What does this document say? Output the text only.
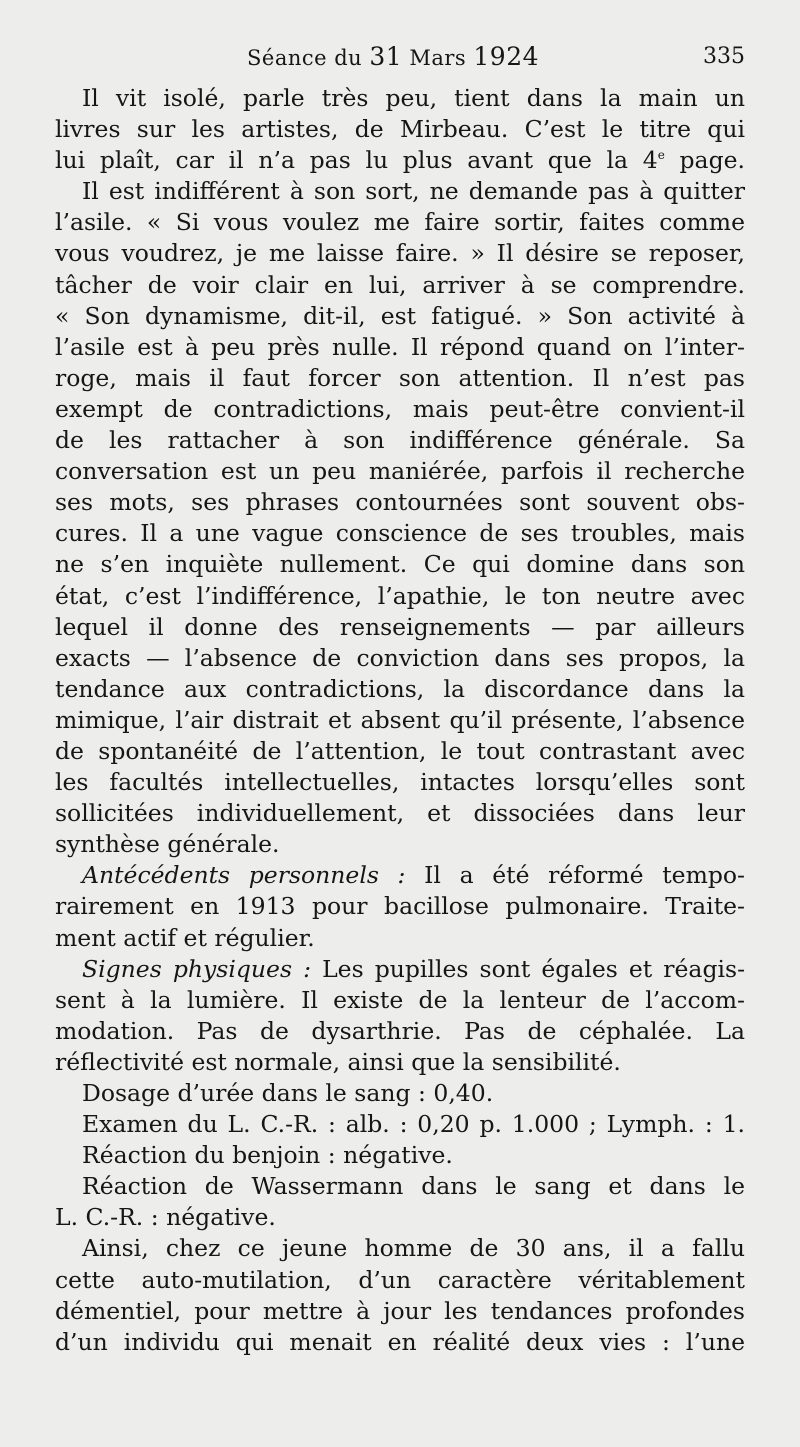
Séance du 31 Mars 1924	335
Il vit isolé, parle très peu, tient dans la main un
livres sur les artistes, de Mirbeau. C’est le titre qui
lui plaît, car il n’a pas lu plus avant que la 4e page.
Il est indifférent à son sort, ne demande pas à quitter
l’asile. « Si vous voulez me faire sortir, faites comme
vous voudrez, je me laisse faire. » Il désire se reposer,
tâcher de voir clair en lui, arriver à se comprendre.
« Son dynamisme, dit-il, est fatigué. » Son activité à
l’asile est à peu près nulle. Il répond quand on l’inter-
roge, mais il faut forcer son attention. Il n’est pas
exempt de contradictions, mais peut-être convient-il
de les rattacher à son indifférence générale. Sa
conversation est un peu maniérée, parfois il recherche
ses mots, ses phrases contournées sont souvent obs-
cures. Il a une vague conscience de ses troubles, mais
ne s’en inquiète nullement. Ce qui domine dans son
état, c’est l’indifférence, l’apathie, le ton neutre avec
lequel il donne des renseignements — par ailleurs
exacts — l’absence de conviction dans ses propos, la
tendance aux contradictions, la discordance dans la
mimique, l’air distrait et absent qu’il présente, l’absence
de spontanéité de l’attention, le tout contrastant avec
les facultés intellectuelles, intactes lorsqu’elles sont
sollicitées individuellement, et dissociées dans leur
synthèse générale.
Antécédents personnels : Il a été réformé tempo-
rairement en 1913 pour bacillose pulmonaire. Traite-
ment actif et régulier.
Signes physiques : Les pupilles sont égales et réagis-
sent à la lumière. Il existe de la lenteur de l’accom-
modation. Pas de dysarthrie. Pas de céphalée. La
réflectivité est normale, ainsi que la sensibilité.
Dosage d’urée dans le sang : 0,40.
Examen du L. C.-R. : alb. : 0,20 p. 1.000 ; Lymph. : 1.
Réaction du benjoin : négative.
Réaction de Wassermann dans le sang et dans le
L. C.-R. : négative.
Ainsi, chez ce jeune homme de 30 ans, il a fallu
cette auto-mutilation, d’un caractère véritablement
démentiel, pour mettre à jour les tendances profondes
d’un individu qui menait en réalité deux vies : l’une
